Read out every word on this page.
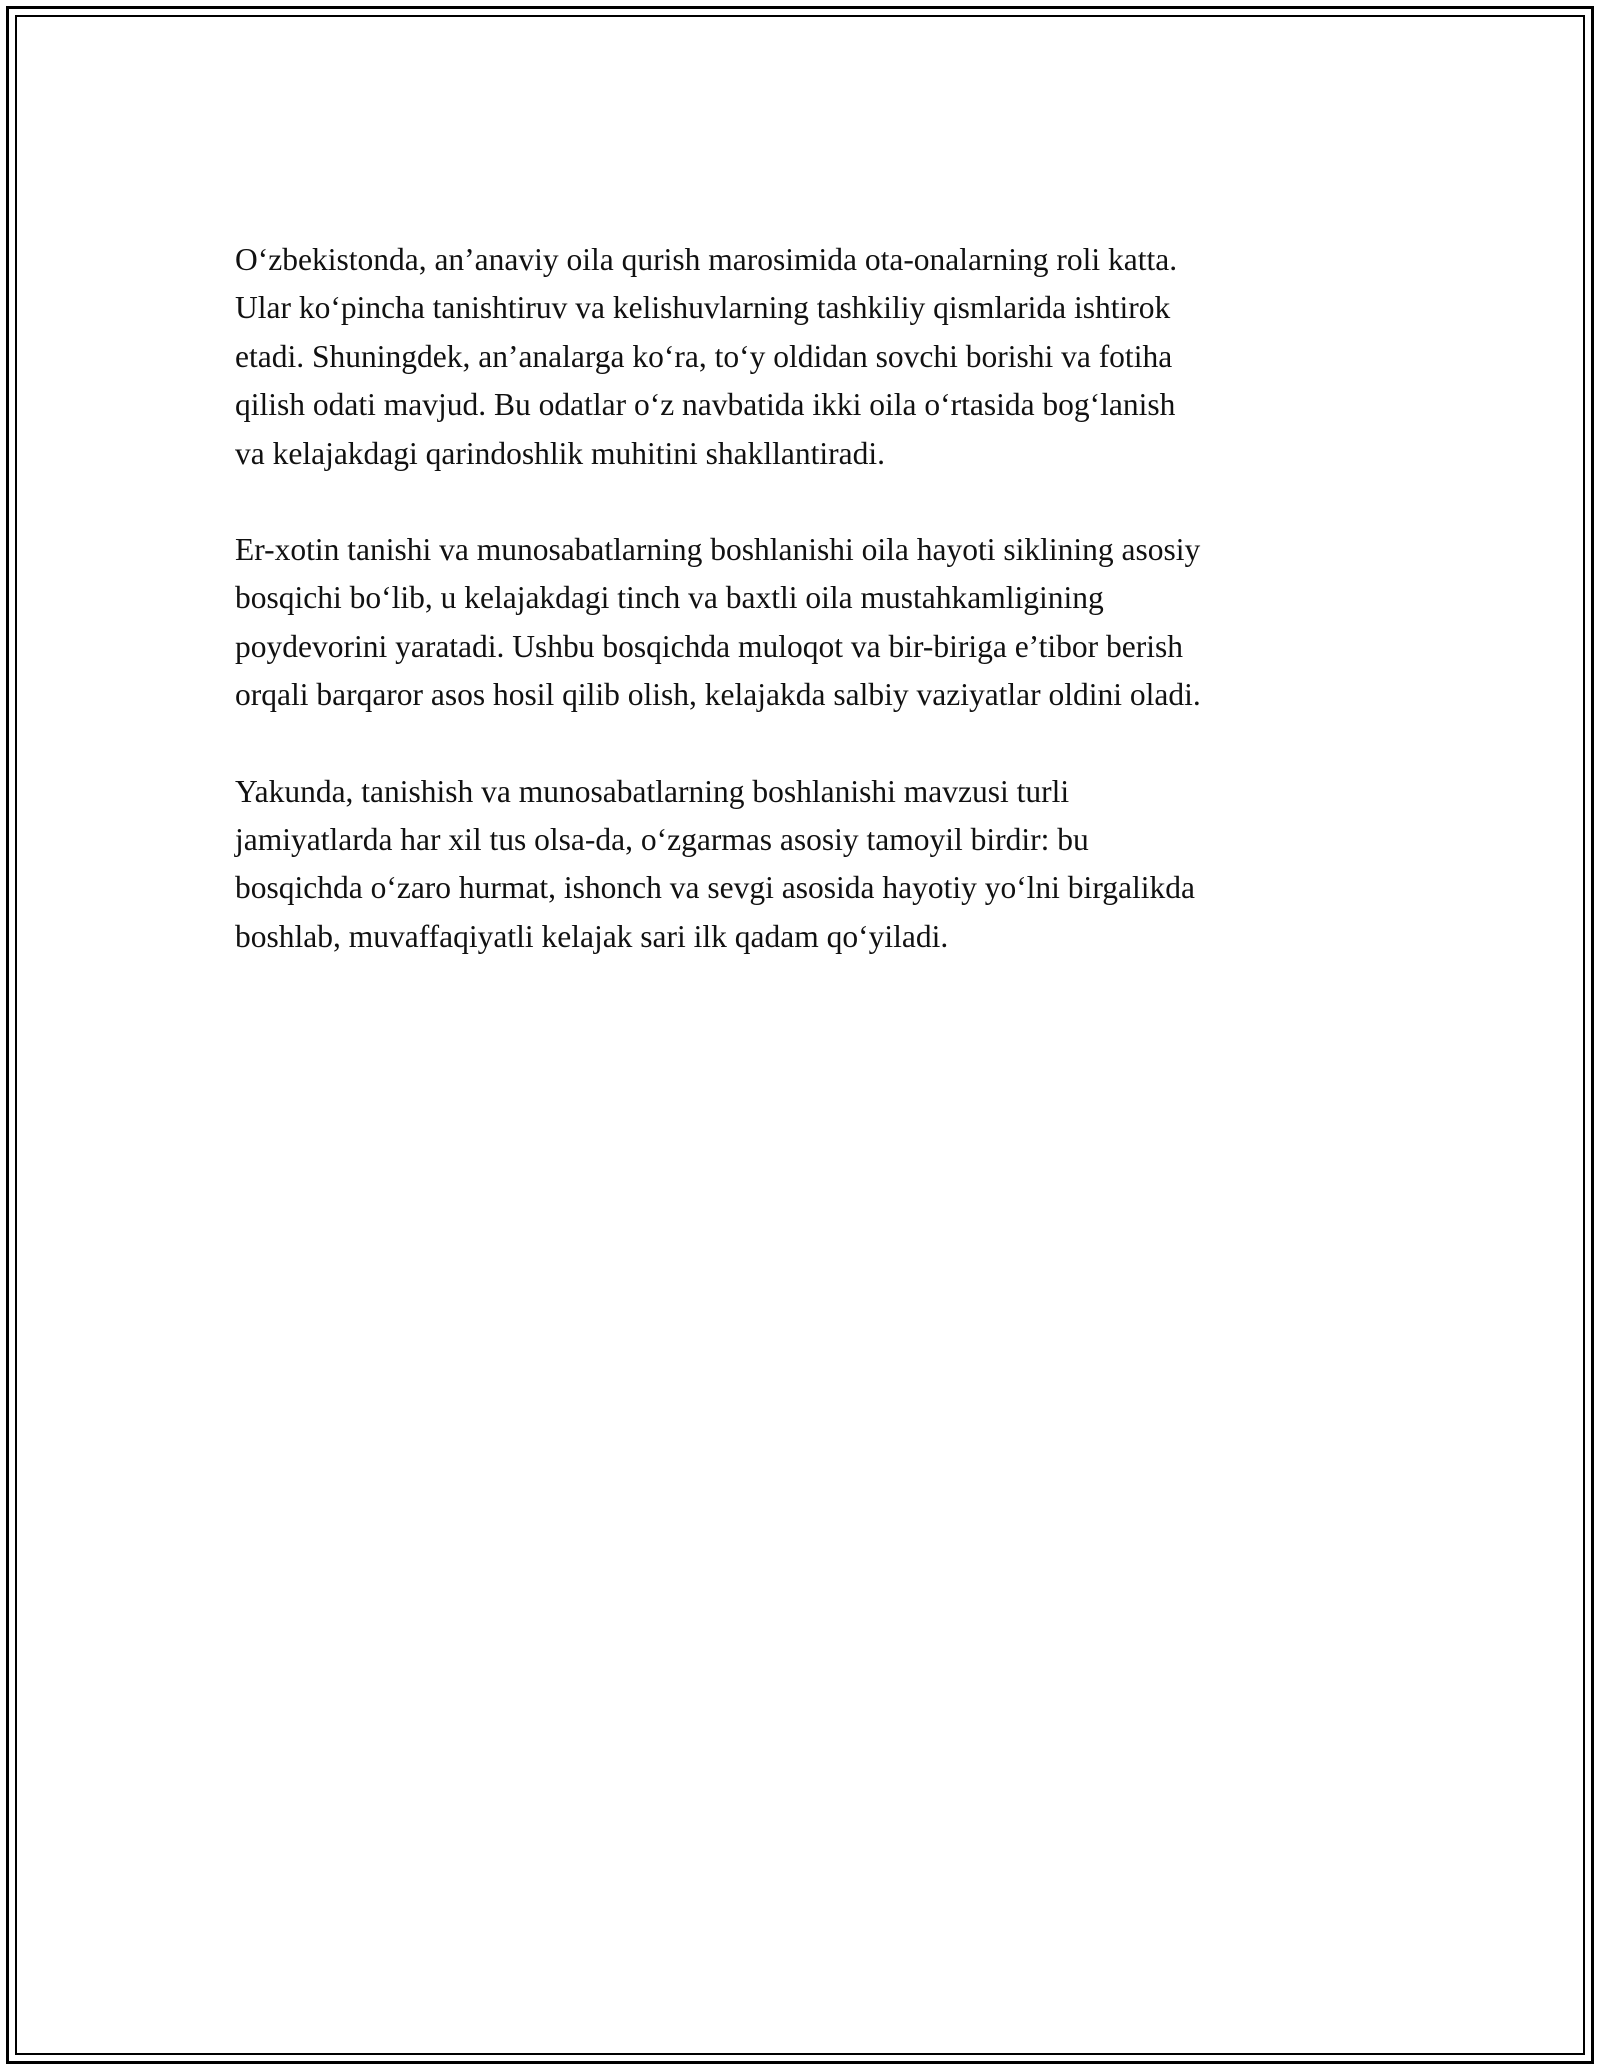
O‘zbekistonda, an’anaviy oila qurish marosimida ota-onalarning roli katta.
Ular ko‘pincha tanishtiruv va kelishuvlarning tashkiliy qismlarida ishtirok
etadi. Shuningdek, an’analarga ko‘ra, to‘y oldidan sovchi borishi va fotiha
qilish odati mavjud. Bu odatlar o‘z navbatida ikki oila o‘rtasida bog‘lanish
va kelajakdagi qarindoshlik muhitini shakllantiradi.
Er-xotin tanishi va munosabatlarning boshlanishi oila hayoti siklining asosiy
bosqichi bo‘lib, u kelajakdagi tinch va baxtli oila mustahkamligining
poydevorini yaratadi. Ushbu bosqichda muloqot va bir-biriga e’tibor berish
orqali barqaror asos hosil qilib olish, kelajakda salbiy vaziyatlar oldini oladi.
Yakunda, tanishish va munosabatlarning boshlanishi mavzusi turli
jamiyatlarda har xil tus olsa-da, o‘zgarmas asosiy tamoyil birdir: bu
bosqichda o‘zaro hurmat, ishonch va sevgi asosida hayotiy yo‘lni birgalikda
boshlab, muvaffaqiyatli kelajak sari ilk qadam qo‘yiladi.
